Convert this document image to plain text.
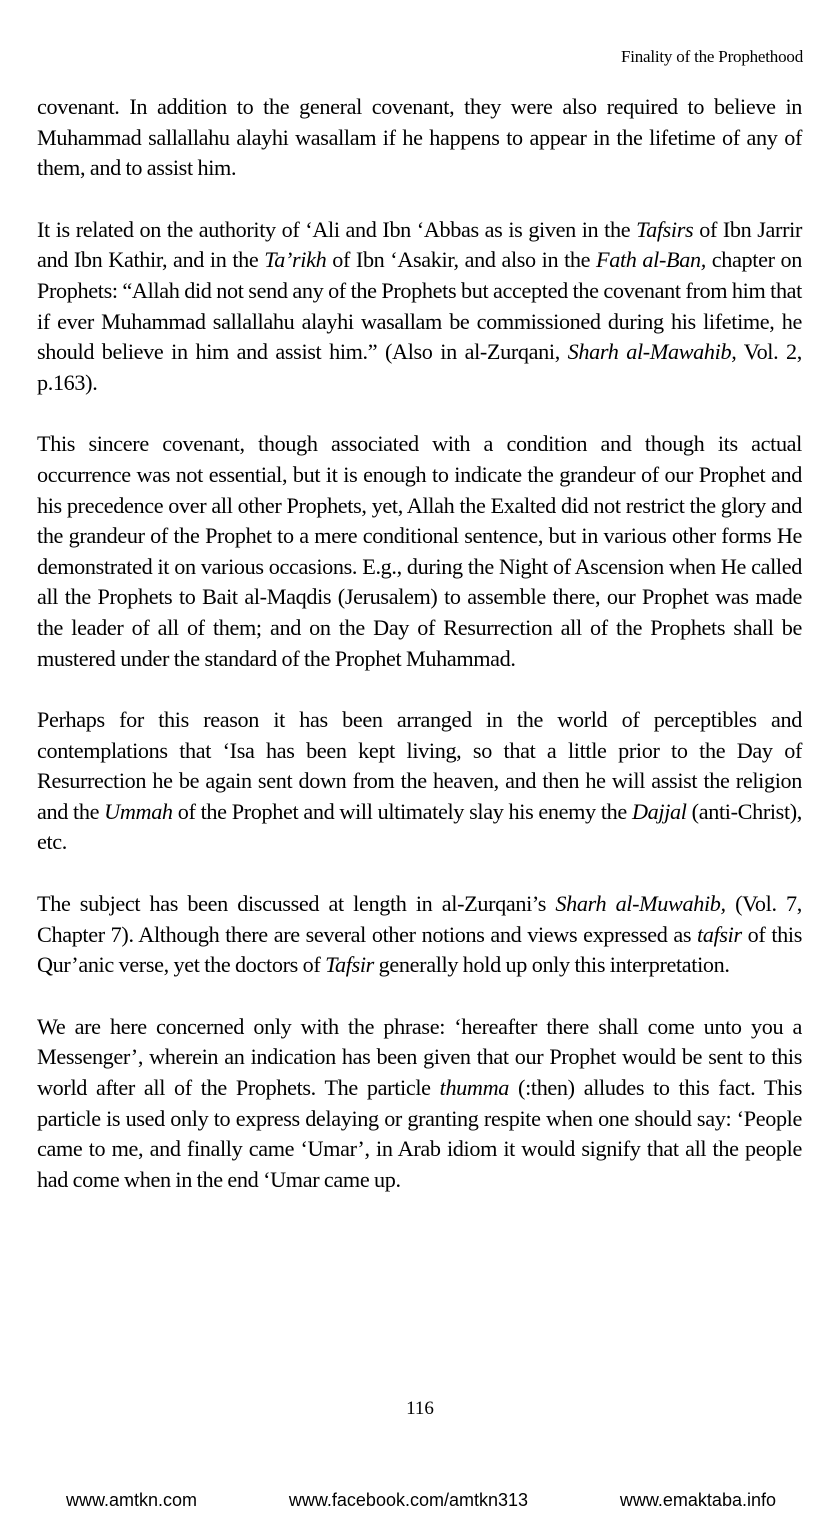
Finality of the Prophethood

covenant. In addition to the general covenant, they were also required to believe in Muhammad sallallahu alayhi wasallam if he happens to appear in the lifetime of any of them, and to assist him.

It is related on the authority of ‘Ali and Ibn ‘Abbas as is given in the Tafsirs of Ibn Jarrir and Ibn Kathir, and in the Ta’rikh of Ibn ‘Asakir, and also in the Fath al-Ban, chapter on Prophets: “Allah did not send any of the Prophets but accepted the covenant from him that if ever Muhammad sallallahu alayhi wasallam be commissioned during his lifetime, he should believe in him and assist him.” (Also in al-Zurqani, Sharh al-Mawahib, Vol. 2, p.163).

This sincere covenant, though associated with a condition and though its actual occurrence was not essential, but it is enough to indicate the grandeur of our Prophet and his precedence over all other Prophets, yet, Allah the Exalted did not restrict the glory and the grandeur of the Prophet to a mere conditional sentence, but in various other forms He demonstrated it on various occasions. E.g., during the Night of Ascension when He called all the Prophets to Bait al-Maqdis (Jerusalem) to assemble there, our Prophet was made the leader of all of them; and on the Day of Resurrection all of the Prophets shall be mustered under the standard of the Prophet Muhammad.

Perhaps for this reason it has been arranged in the world of perceptibles and contemplations that ‘Isa has been kept living, so that a little prior to the Day of Resurrection he be again sent down from the heaven, and then he will assist the religion and the Ummah of the Prophet and will ultimately slay his enemy the Dajjal (anti-Christ), etc.

The subject has been discussed at length in al-Zurqani’s Sharh al-Muwahib, (Vol. 7, Chapter 7). Although there are several other notions and views expressed as tafsir of this Qur’anic verse, yet the doctors of Tafsir generally hold up only this interpretation.

We are here concerned only with the phrase: ‘hereafter there shall come unto you a Messenger’, wherein an indication has been given that our Prophet would be sent to this world after all of the Prophets. The particle thumma (:then) alludes to this fact. This particle is used only to express delaying or granting respite when one should say: ‘People came to me, and finally came ‘Umar’, in Arab idiom it would signify that all the people had come when in the end ‘Umar came up.

116
www.amtkn.com	www.facebook.com/amtkn313	www.emaktaba.info
